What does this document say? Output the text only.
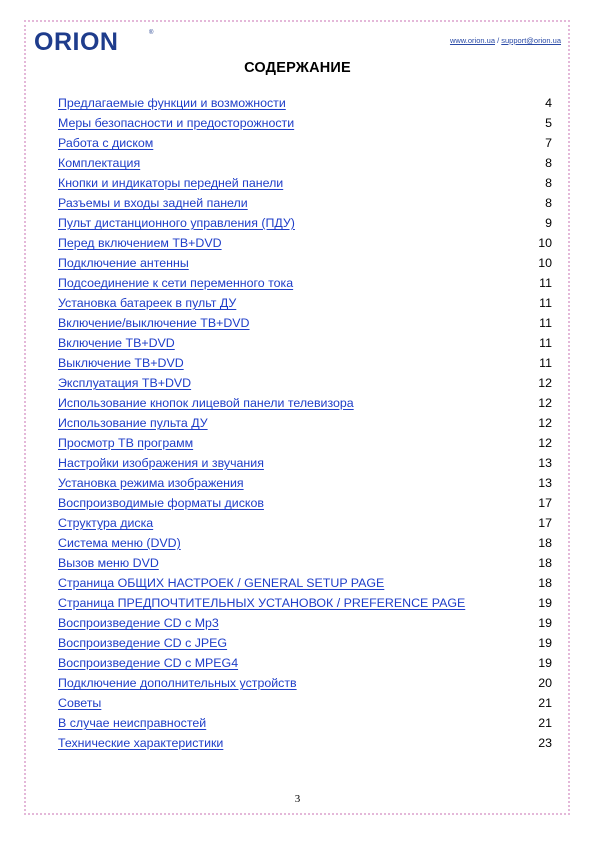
ORION	®
www.orion.ua / support@orion.ua
СОДЕРЖАНИЕ
Предлагаемые функции и возможности	4
Меры безопасности и предосторожности	5
Работа с диском	7
Комплектация	8
Кнопки и индикаторы передней панели	8
Разъемы и входы задней панели	8
Пульт дистанционного управления (ПДУ)	9
Перед включением ТВ+DVD	10
Подключение антенны	10
Подсоединение к сети переменного тока	11
Установка батареек в пульт ДУ	11
Включение/выключение ТВ+DVD	11
Включение ТВ+DVD	11
Выключение ТВ+DVD	11
Эксплуатация ТВ+DVD	12
Использование кнопок лицевой панели телевизора	12
Использование пульта ДУ	12
Просмотр ТВ программ	12
Настройки изображения и звучания	13
Установка режима изображения	13
Воспроизводимые форматы дисков	17
Структура диска	17
Система меню (DVD)	18
Вызов меню DVD	18
Страница ОБЩИХ НАСТРОЕК / GENERAL SETUP PAGE	18
Страница ПРЕДПОЧТИТЕЛЬНЫХ УСТАНОВОК / PREFERENCE PAGE	19
Воспроизведение CD с Mp3	19
Воспроизведение CD с JPEG	19
Воспроизведение CD с MPEG4	19
Подключение дополнительных устройств	20
Советы	21
В случае неисправностей	21
Технические характеристики	23
3
